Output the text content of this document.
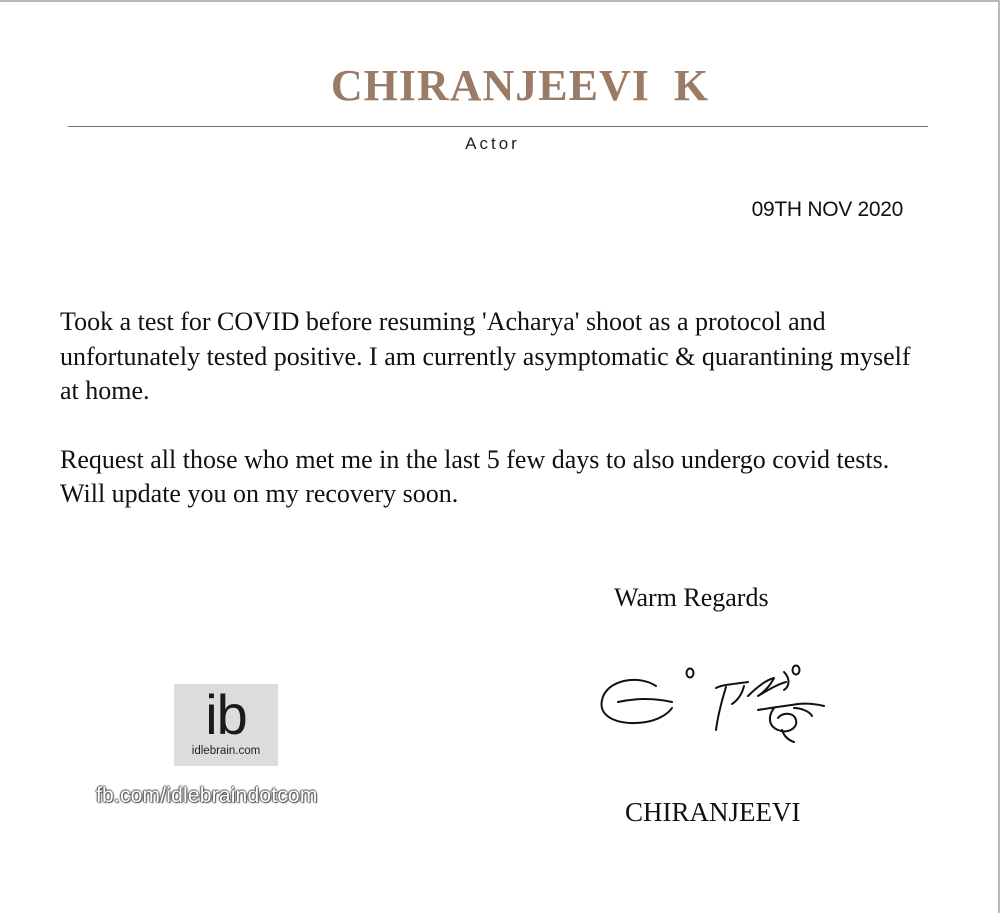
CHIRANJEEVI  K
Actor
09TH NOV 2020

Took a test for COVID before resuming 'Acharya' shoot as a protocol and unfortunately tested positive. I am currently asymptomatic & quarantining myself at home.

Request all those who met me in the last 5 few days to also undergo covid tests. Will update you on my recovery soon.

Warm Regards
CHIRANJEEVI
ib
idlebrain.com
fb.com/idlebraindotcom
